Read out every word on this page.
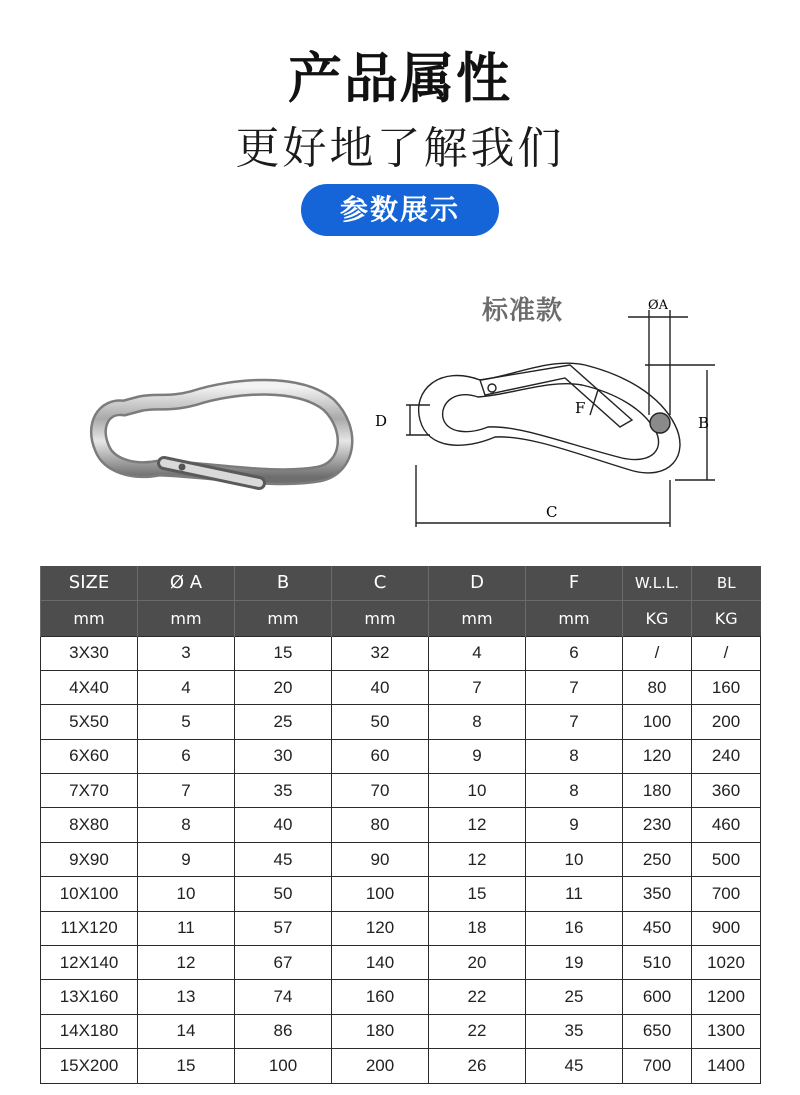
产品属性
更好地了解我们
参数展示
标准款
D
C
B
F
ØA
SIZE	Ø A	B	C	D	F	W.L.L.	BL
mm	mm	mm	mm	mm	mm	KG	KG
3X30	3	15	32	4	6	/	/
4X40	4	20	40	7	7	80	160
5X50	5	25	50	8	7	100	200
6X60	6	30	60	9	8	120	240
7X70	7	35	70	10	8	180	360
8X80	8	40	80	12	9	230	460
9X90	9	45	90	12	10	250	500
10X100	10	50	100	15	11	350	700
11X120	11	57	120	18	16	450	900
12X140	12	67	140	20	19	510	1020
13X160	13	74	160	22	25	600	1200
14X180	14	86	180	22	35	650	1300
15X200	15	100	200	26	45	700	1400
